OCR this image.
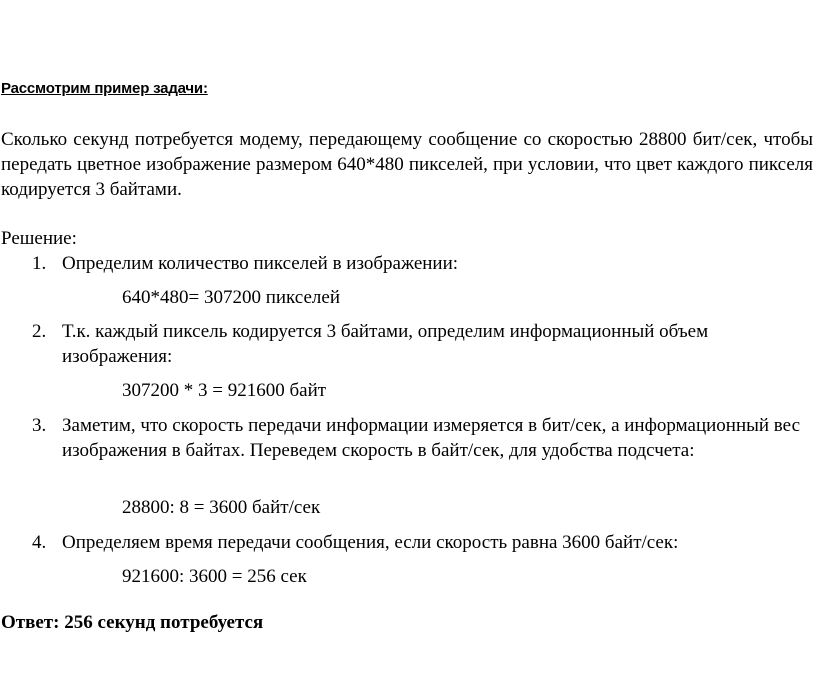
Рассмотрим пример задачи:
Сколько секунд потребуется модему, передающему сообщение со скоростью 28800 бит/сек, чтобы передать цветное изображение размером 640*480 пикселей, при условии, что цвет каждого пикселя кодируется 3 байтами.
Решение:
1. Определим количество пикселей в изображении:
640*480= 307200 пикселей
2. Т.к. каждый пиксель кодируется 3 байтами, определим информационный объем изображения:
307200 * 3 = 921600 байт
3. Заметим, что скорость передачи информации измеряется в бит/сек, а информационный вес изображения в байтах. Переведем скорость в байт/сек, для удобства подсчета:
28800: 8 = 3600 байт/сек
4. Определяем время передачи сообщения, если скорость равна 3600 байт/сек:
921600: 3600 = 256 сек
Ответ: 256 секунд потребуется
